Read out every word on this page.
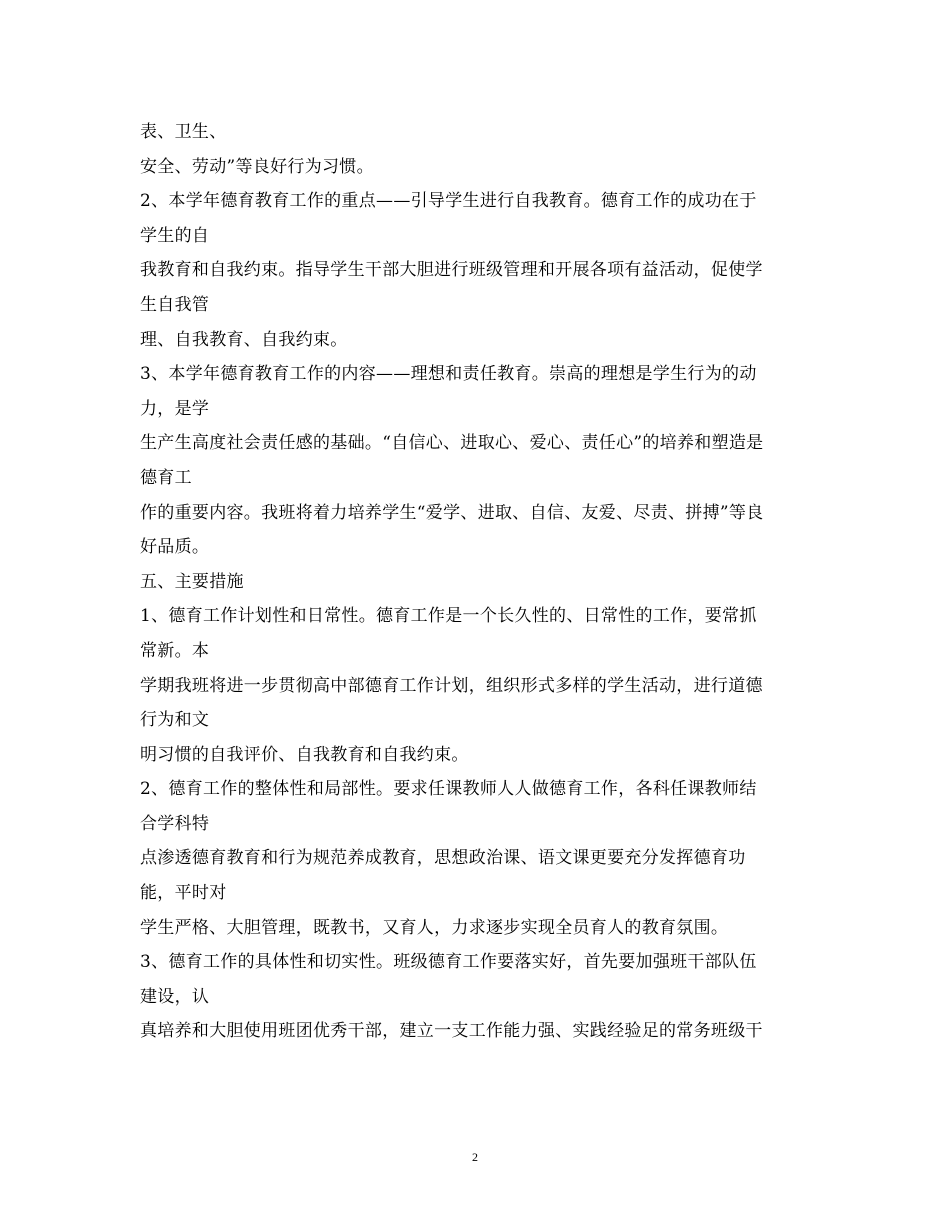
表、卫生、
安全、劳动”等良好行为习惯。
2、本学年德育教育工作的重点——引导学生进行自我教育。德育工作的成功在于
学生的自
我教育和自我约束。指导学生干部大胆进行班级管理和开展各项有益活动，促使学
生自我管
理、自我教育、自我约束。
3、本学年德育教育工作的内容——理想和责任教育。崇高的理想是学生行为的动
力，是学
生产生高度社会责任感的基础。“自信心、进取心、爱心、责任心”的培养和塑造是
德育工
作的重要内容。我班将着力培养学生“爱学、进取、自信、友爱、尽责、拼搏”等良
好品质。
五、主要措施
1、德育工作计划性和日常性。德育工作是一个长久性的、日常性的工作，要常抓
常新。本
学期我班将进一步贯彻高中部德育工作计划，组织形式多样的学生活动，进行道德
行为和文
明习惯的自我评价、自我教育和自我约束。
2、德育工作的整体性和局部性。要求任课教师人人做德育工作，各科任课教师结
合学科特
点渗透德育教育和行为规范养成教育，思想政治课、语文课更要充分发挥德育功
能，平时对
学生严格、大胆管理，既教书，又育人，力求逐步实现全员育人的教育氛围。
3、德育工作的具体性和切实性。班级德育工作要落实好，首先要加强班干部队伍
建设，认
真培养和大胆使用班团优秀干部，建立一支工作能力强、实践经验足的常务班级干
2
